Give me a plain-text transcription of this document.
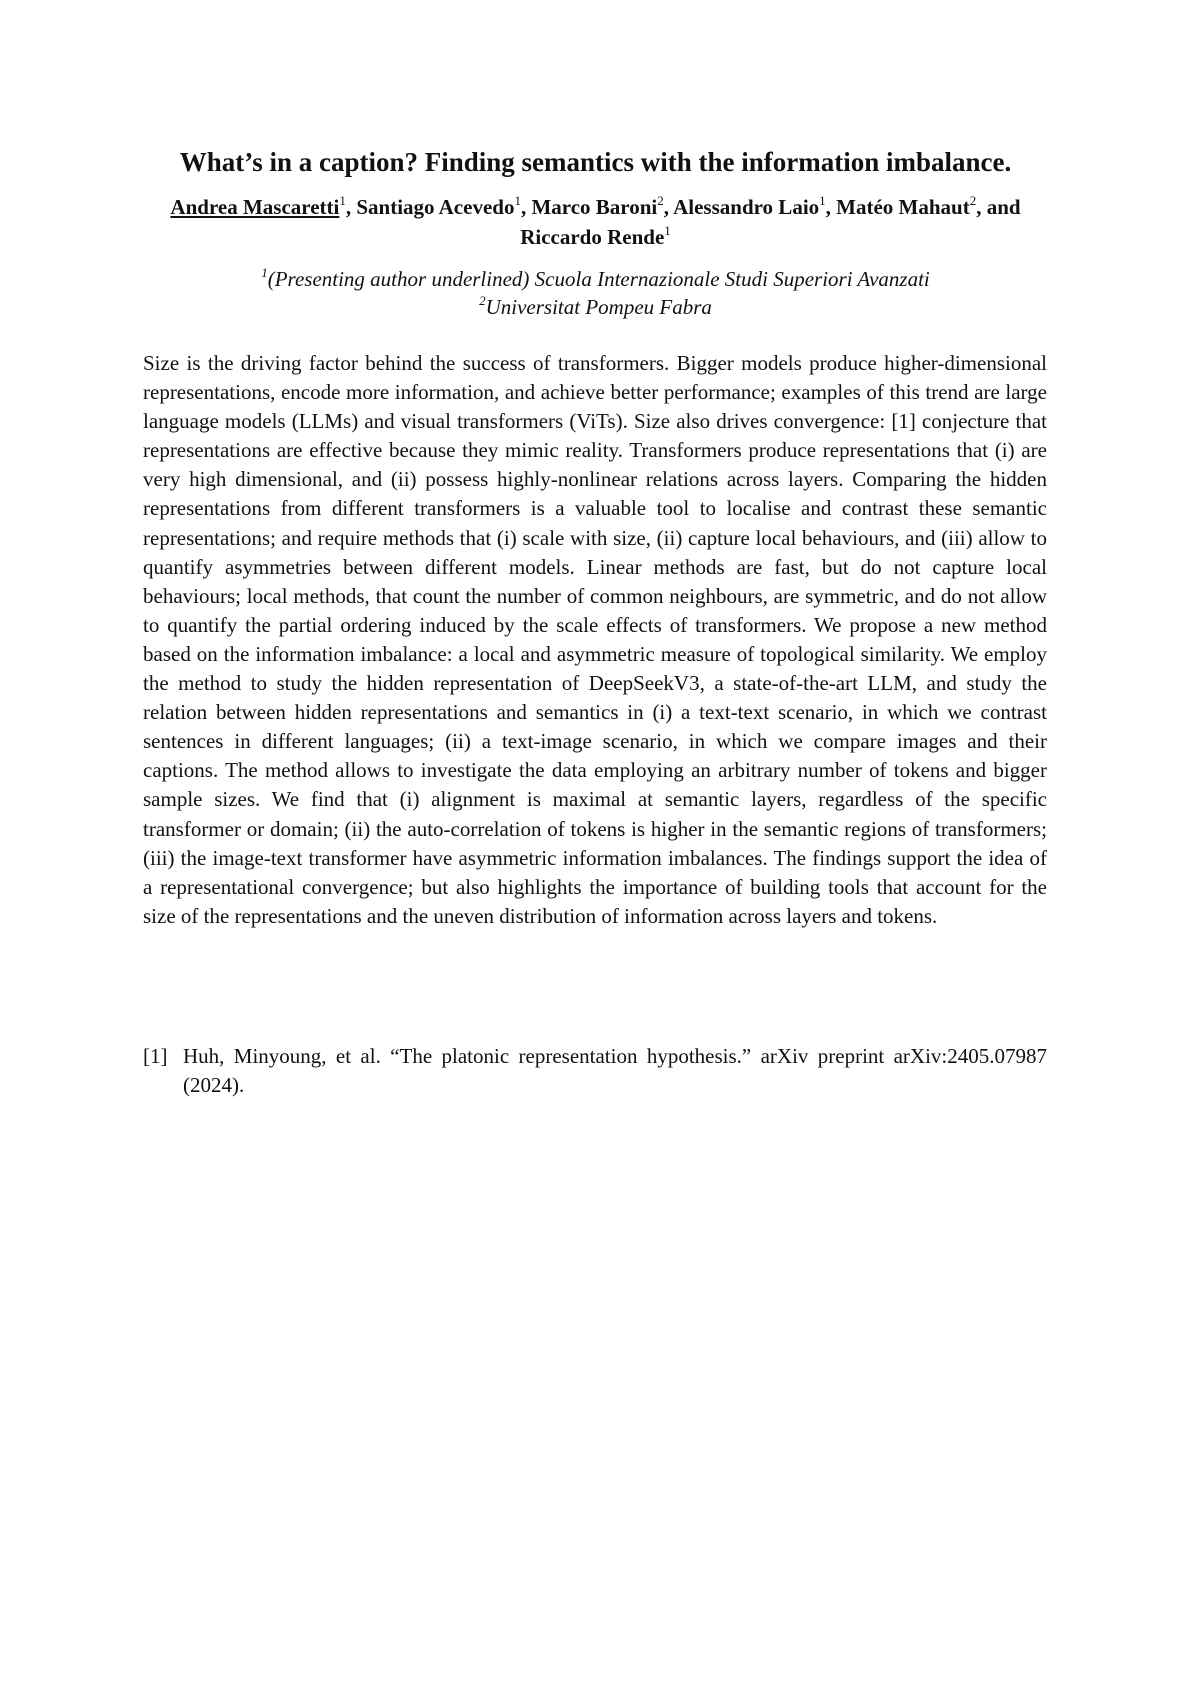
What’s in a caption? Finding semantics with the information imbalance.
Andrea Mascaretti$^1$, Santiago Acevedo$^1$, Marco Baroni$^2$, Alessandro Laio$^1$, Matéo Mahaut$^2$, and Riccardo Rende$^1$
$^1$(Presenting author underlined) Scuola Internazionale Studi Superiori Avanzati
$^2$Universitat Pompeu Fabra

Size is the driving factor behind the success of transformers. Bigger models produce higher-dimensional representations, encode more information, and achieve better performance; examples of this trend are large language models (LLMs) and visual transformers (ViTs). Size also drives convergence: [1] conjecture that representations are effective because they mimic reality. Transformers produce representations that (i) are very high dimensional, and (ii) possess highly-nonlinear relations across layers. Comparing the hidden representations from different transformers is a valuable tool to localise and contrast these semantic representations; and require methods that (i) scale with size, (ii) capture local behaviours, and (iii) allow to quantify asymmetries between different models. Linear methods are fast, but do not capture local behaviours; local methods, that count the number of common neighbours, are symmetric, and do not allow to quantify the partial ordering induced by the scale effects of transformers. We propose a new method based on the information imbalance: a local and asymmetric measure of topological similarity. We employ the method to study the hidden representation of DeepSeekV3, a state-of-the-art LLM, and study the relation between hidden representations and semantics in (i) a text-text scenario, in which we contrast sentences in different languages; (ii) a text-image scenario, in which we compare images and their captions. The method allows to investigate the data employing an arbitrary number of tokens and bigger sample sizes. We find that (i) alignment is maximal at semantic layers, regardless of the specific transformer or domain; (ii) the auto-correlation of tokens is higher in the semantic regions of transformers; (iii) the image-text transformer have asymmetric information imbalances. The findings support the idea of a representational convergence; but also highlights the importance of building tools that account for the size of the representations and the uneven distribution of information across layers and tokens.

[1] Huh, Minyoung, et al. “The platonic representation hypothesis.” arXiv preprint arXiv:2405.07987 (2024).
